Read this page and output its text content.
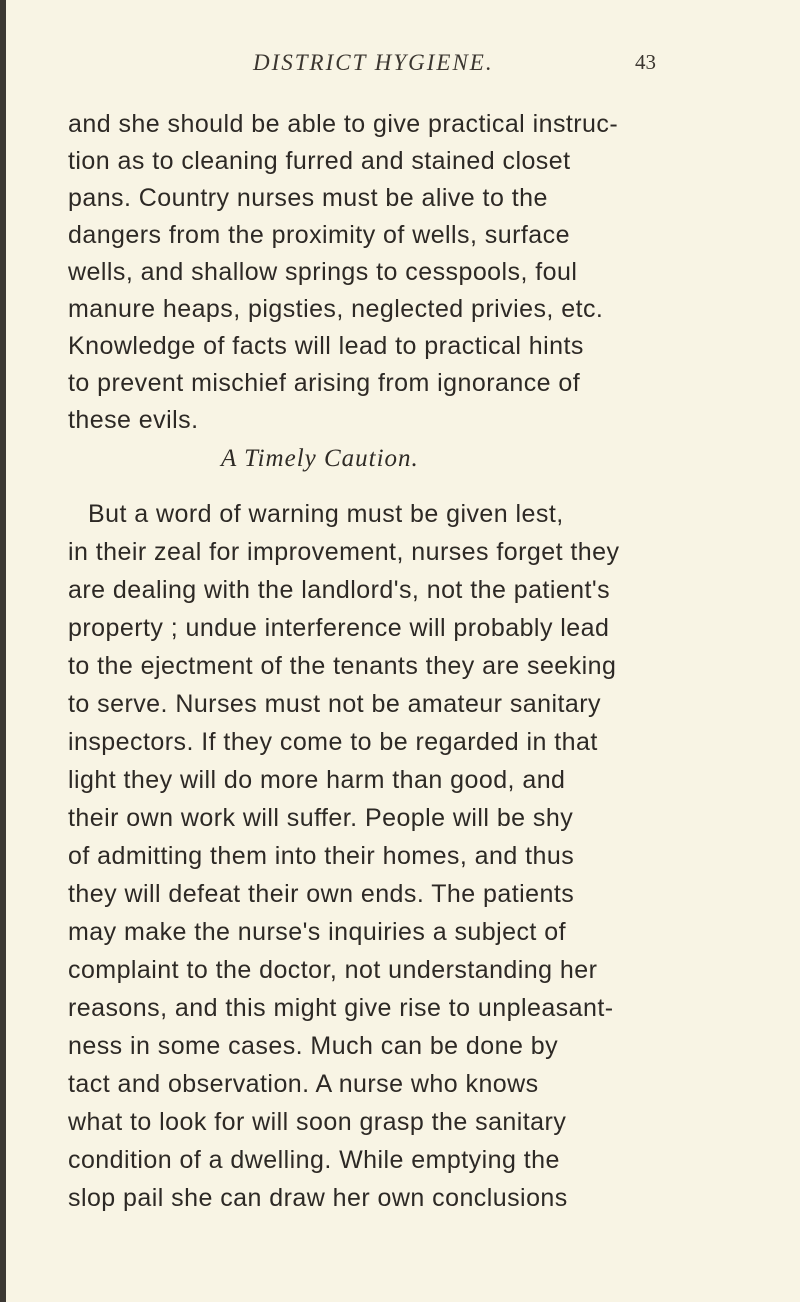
DISTRICT HYGIENE.	43
and she should be able to give practical instruc-
tion as to cleaning furred and stained closet
pans. Country nurses must be alive to the
dangers from the proximity of wells, surface
wells, and shallow springs to cesspools, foul
manure heaps, pigsties, neglected privies, etc.
Knowledge of facts will lead to practical hints
to prevent mischief arising from ignorance of
these evils.
But a word of warning must be given lest,
in their zeal for improvement, nurses forget they
are dealing with the landlord's, not the patient's
property ; undue interference will probably lead
to the ejectment of the tenants they are seeking
to serve. Nurses must not be amateur sanitary
inspectors. If they come to be regarded in that
light they will do more harm than good, and
their own work will suffer. People will be shy
of admitting them into their homes, and thus
they will defeat their own ends. The patients
may make the nurse's inquiries a subject of
complaint to the doctor, not understanding her
reasons, and this might give rise to unpleasant-
ness in some cases. Much can be done by
tact and observation. A nurse who knows
what to look for will soon grasp the sanitary
condition of a dwelling. While emptying the
slop pail she can draw her own conclusions
A Timely Caution.
